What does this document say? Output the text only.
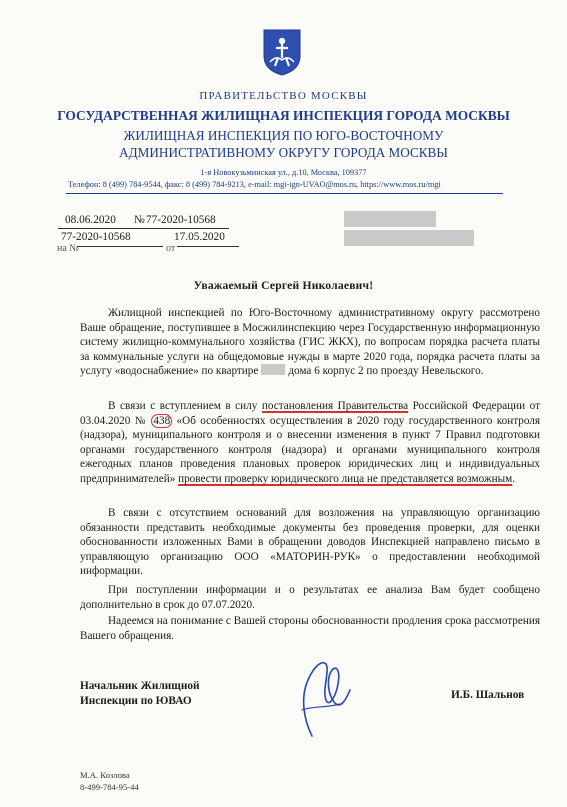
ПРАВИТЕЛЬСТВО МОСКВЫ
ГОСУДАРСТВЕННАЯ ЖИЛИЩНАЯ ИНСПЕКЦИЯ ГОРОДА МОСКВЫ
ЖИЛИЩНАЯ ИНСПЕКЦИЯ ПО ЮГО-ВОСТОЧНОМУ
АДМИНИСТРАТИВНОМУ ОКРУГУ ГОРОДА МОСКВЫ
1-я Новокузьминская ул., д.10, Москва, 109377
Телефон: 8 (499) 784-9544, факс: 8 (499) 784-9213, e-mail: mgi-ign-UVAO@mos.ru, https://www.mos.ru/mgi
08.06.2020 № 77-2020-10568
77-2020-10568	17.05.2020
на №	от
Уважаемый Сергей Николаевич!

Жилищной инспекцией по Юго-Восточному административному округу рассмотрено Ваше обращение, поступившее в Мосжилинспекцию через Государственную информационную систему жилищно-коммунального хозяйства (ГИС ЖКХ), по вопросам порядка расчета платы за коммунальные услуги на общедомовые нужды в марте 2020 года, порядка расчета платы за услугу «водоснабжение» по квартире	дома 6 корпус 2 по проезду Невельского.

В связи с вступлением в силу постановления Правительства Российской Федерации от 03.04.2020 № 438 «Об особенностях осуществления в 2020 году государственного контроля (надзора), муниципального контроля и о внесении изменения в пункт 7 Правил подготовки органами государственного контроля (надзора) и органами муниципального контроля ежегодных планов проведения плановых проверок юридических лиц и индивидуальных предпринимателей» провести проверку юридического лица не представляется возможным.

В связи с отсутствием оснований для возложения на управляющую организацию обязанности представить необходимые документы без проведения проверки, для оценки обоснованности изложенных Вами в обращении доводов Инспекцией направлено письмо в управляющую организацию ООО «МАТОРИН-РУК» о предоставлении необходимой информации.

При поступлении информации и о результатах ее анализа Вам будет сообщено дополнительно в срок до 07.07.2020.

Надеемся на понимание с Вашей стороны обоснованности продления срока рассмотрения Вашего обращения.

Начальник Жилищной
Инспекции по ЮВАО	И.Б. Шальнов
М.А. Козлова
8-499-784-95-44
